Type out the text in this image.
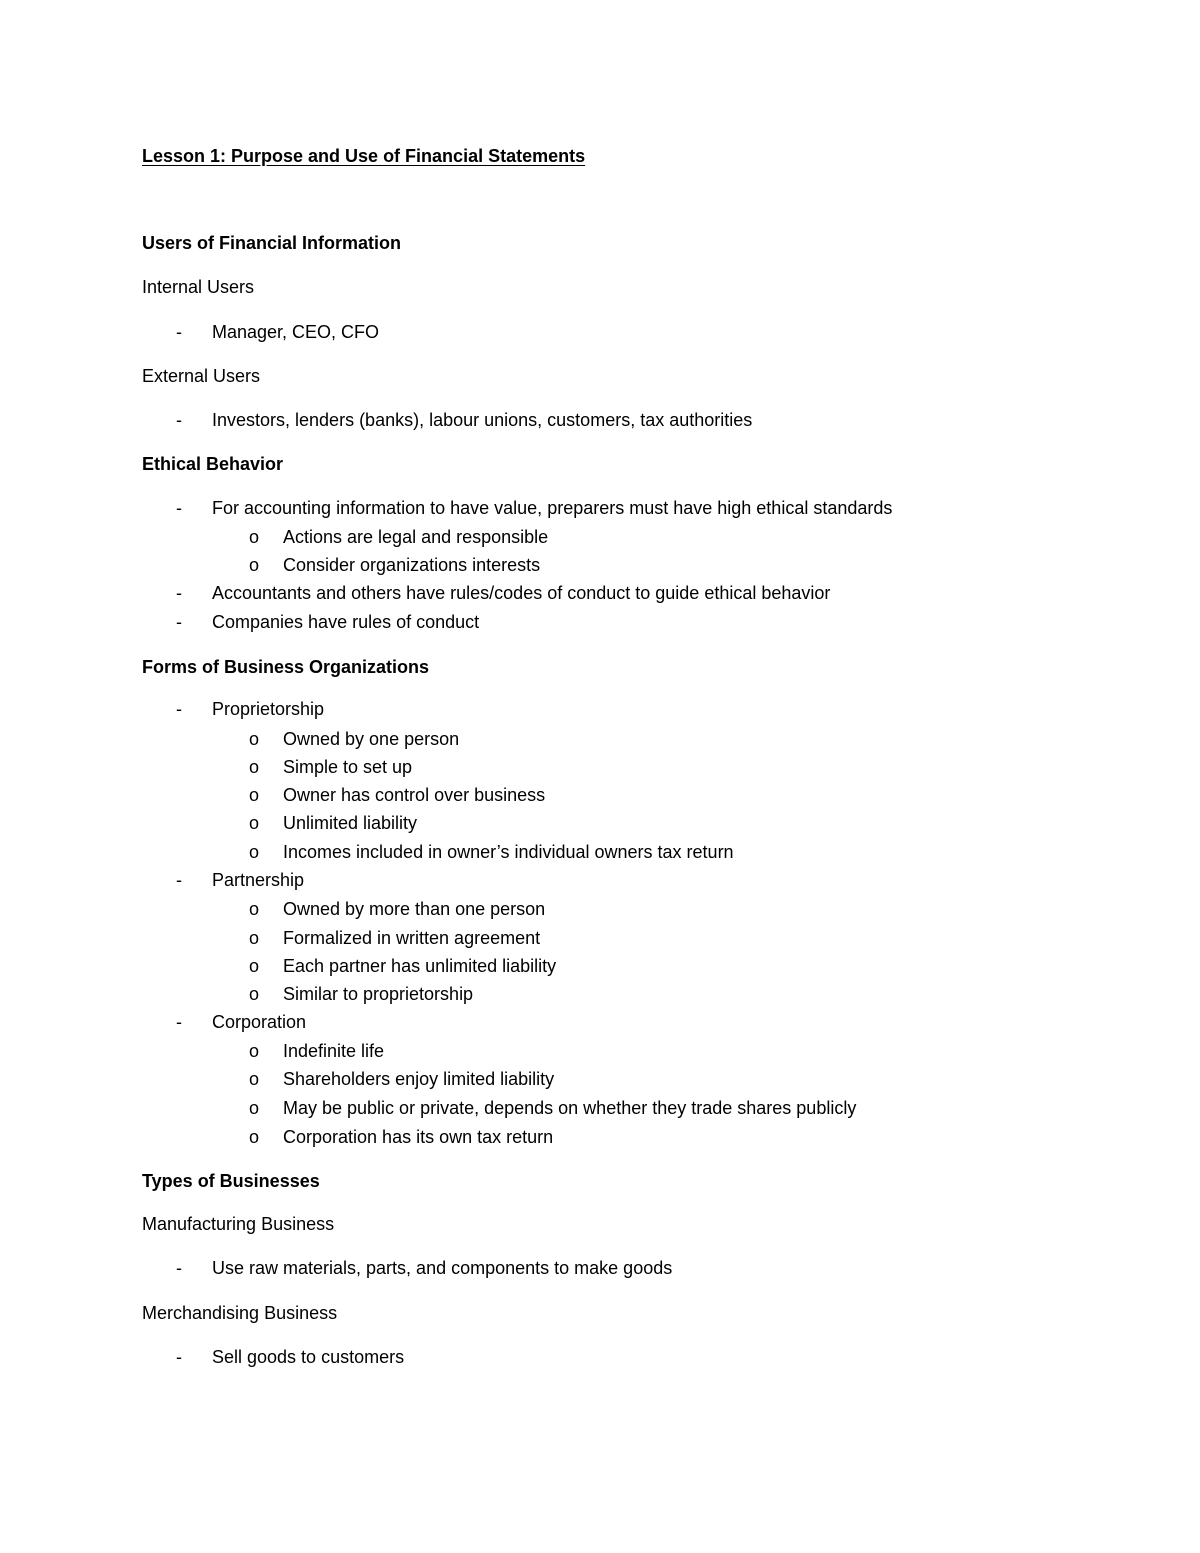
Lesson 1: Purpose and Use of Financial Statements
Users of Financial Information
Internal Users
- Manager, CEO, CFO
External Users
- Investors, lenders (banks), labour unions, customers, tax authorities
Ethical Behavior
- For accounting information to have value, preparers must have high ethical standards
o Actions are legal and responsible
o Consider organizations interests
- Accountants and others have rules/codes of conduct to guide ethical behavior
- Companies have rules of conduct
Forms of Business Organizations
- Proprietorship
o Owned by one person
o Simple to set up
o Owner has control over business
o Unlimited liability
o Incomes included in owner’s individual owners tax return
- Partnership
o Owned by more than one person
o Formalized in written agreement
o Each partner has unlimited liability
o Similar to proprietorship
- Corporation
o Indefinite life
o Shareholders enjoy limited liability
o May be public or private, depends on whether they trade shares publicly
o Corporation has its own tax return
Types of Businesses
Manufacturing Business
- Use raw materials, parts, and components to make goods
Merchandising Business
- Sell goods to customers
